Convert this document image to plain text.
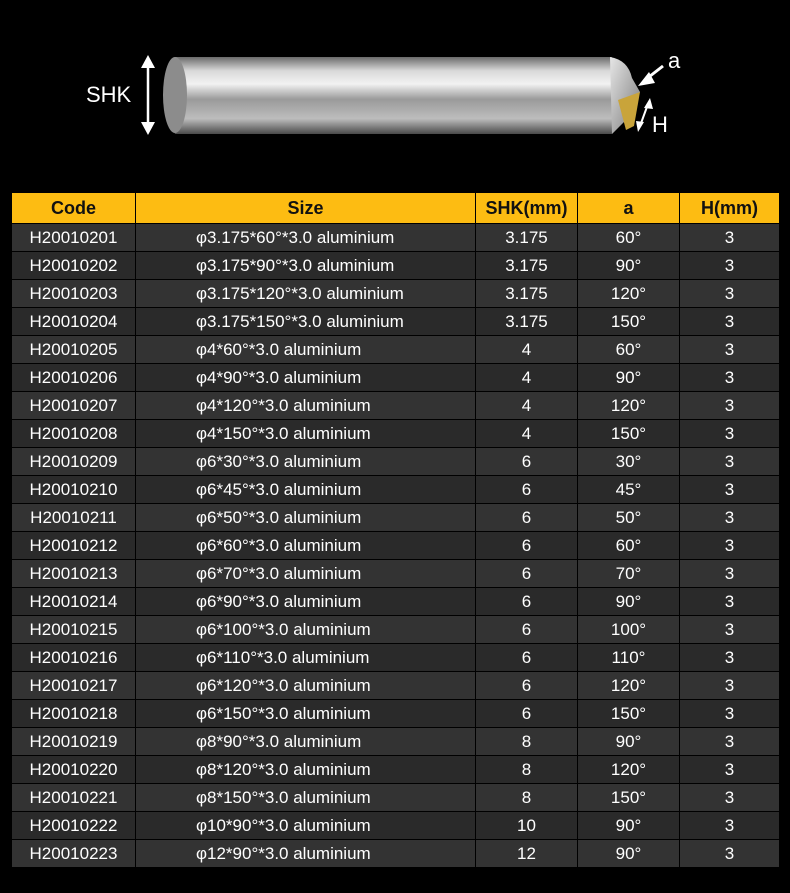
SHK
a
H
Code	Size	SHK(mm)	a	H(mm)
H20010201	φ3.175*60°*3.0 aluminium	3.175	60°	3
H20010202	φ3.175*90°*3.0 aluminium	3.175	90°	3
H20010203	φ3.175*120°*3.0 aluminium	3.175	120°	3
H20010204	φ3.175*150°*3.0 aluminium	3.175	150°	3
H20010205	φ4*60°*3.0 aluminium	4	60°	3
H20010206	φ4*90°*3.0 aluminium	4	90°	3
H20010207	φ4*120°*3.0 aluminium	4	120°	3
H20010208	φ4*150°*3.0 aluminium	4	150°	3
H20010209	φ6*30°*3.0 aluminium	6	30°	3
H20010210	φ6*45°*3.0 aluminium	6	45°	3
H20010211	φ6*50°*3.0 aluminium	6	50°	3
H20010212	φ6*60°*3.0 aluminium	6	60°	3
H20010213	φ6*70°*3.0 aluminium	6	70°	3
H20010214	φ6*90°*3.0 aluminium	6	90°	3
H20010215	φ6*100°*3.0 aluminium	6	100°	3
H20010216	φ6*110°*3.0 aluminium	6	110°	3
H20010217	φ6*120°*3.0 aluminium	6	120°	3
H20010218	φ6*150°*3.0 aluminium	6	150°	3
H20010219	φ8*90°*3.0 aluminium	8	90°	3
H20010220	φ8*120°*3.0 aluminium	8	120°	3
H20010221	φ8*150°*3.0 aluminium	8	150°	3
H20010222	φ10*90°*3.0 aluminium	10	90°	3
H20010223	φ12*90°*3.0 aluminium	12	90°	3
